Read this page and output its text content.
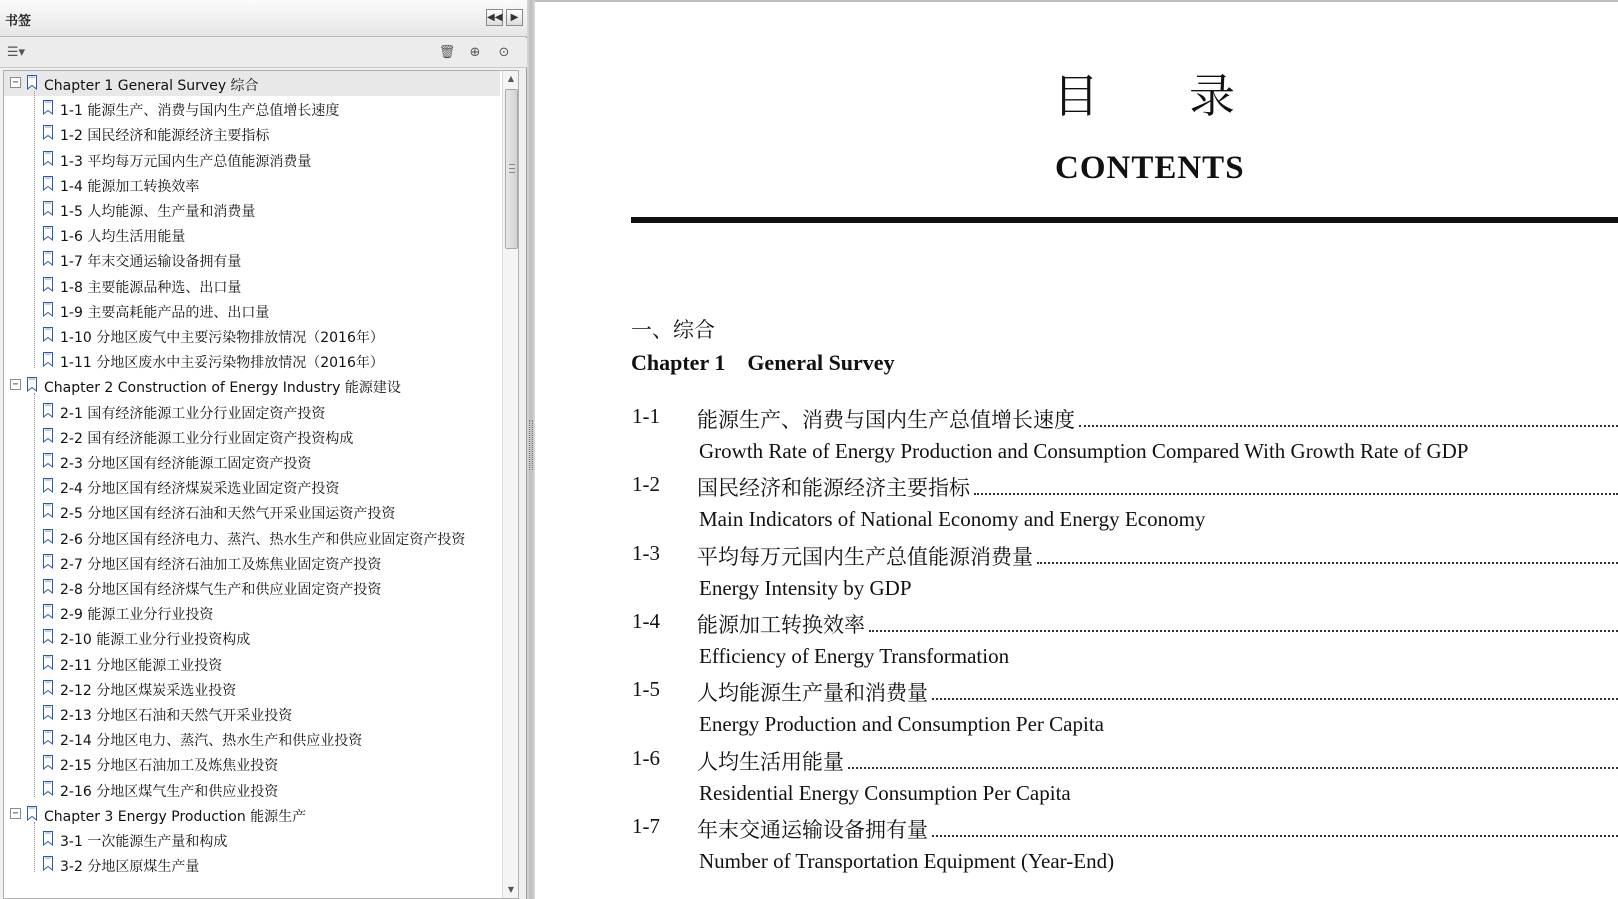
书签	◀◀ ▶
☰▾	🗑 ⊕ ⊙
− Chapter 1 General Survey 综合
1-1 能源生产、消费与国内生产总值增长速度
1-2 国民经济和能源经济主要指标
1-3 平均每万元国内生产总值能源消费量
1-4 能源加工转换效率
1-5 人均能源、生产量和消费量
1-6 人均生活用能量
1-7 年末交通运输设备拥有量
1-8 主要能源品种选、出口量
1-9 主要高耗能产品的进、出口量
1-10 分地区废气中主要污染物排放情况（2016年）
1-11 分地区废水中主妥污染物排放情况（2016年）
− Chapter 2 Construction of Energy Industry 能源建设
2-1 国有经济能源工业分行业固定资产投资
2-2 国有经济能源工业分行业固定资产投资构成
2-3 分地区国有经济能源工固定资产投资
2-4 分地区国有经济煤炭采选业固定资产投资
2-5 分地区国有经济石油和天然气开采业国运资产投资
2-6 分地区国有经济电力、蒸汽、热水生产和供应业固定资产投资
2-7 分地区国有经济石油加工及炼焦业固定资产投资
2-8 分地区国有经济煤气生产和供应业固定资产投资
2-9 能源工业分行业投资
2-10 能源工业分行业投资构成
2-11 分地区能源工业投资
2-12 分地区煤炭采选业投资
2-13 分地区石油和天然气开采业投资
2-14 分地区电力、蒸汽、热水生产和供应业投资
2-15 分地区石油加工及炼焦业投资
2-16 分地区煤气生产和供应业投资
− Chapter 3 Energy Production 能源生产
3-1 一次能源生产量和构成
3-2 分地区原煤生产量
▲
▼
目录
CONTENTS
一、综合
Chapter 1    General Survey
1-1 能源生产、消费与国内生产总值增长速度
Growth Rate of Energy Production and Consumption Compared With Growth Rate of GDP
1-2 国民经济和能源经济主要指标
Main Indicators of National Economy and Energy Economy
1-3 平均每万元国内生产总值能源消费量
Energy Intensity by GDP
1-4 能源加工转换效率
Efficiency of Energy Transformation
1-5 人均能源生产量和消费量
Energy Production and Consumption Per Capita
1-6 人均生活用能量
Residential Energy Consumption Per Capita
1-7 年末交通运输设备拥有量
Number of Transportation Equipment (Year-End)
